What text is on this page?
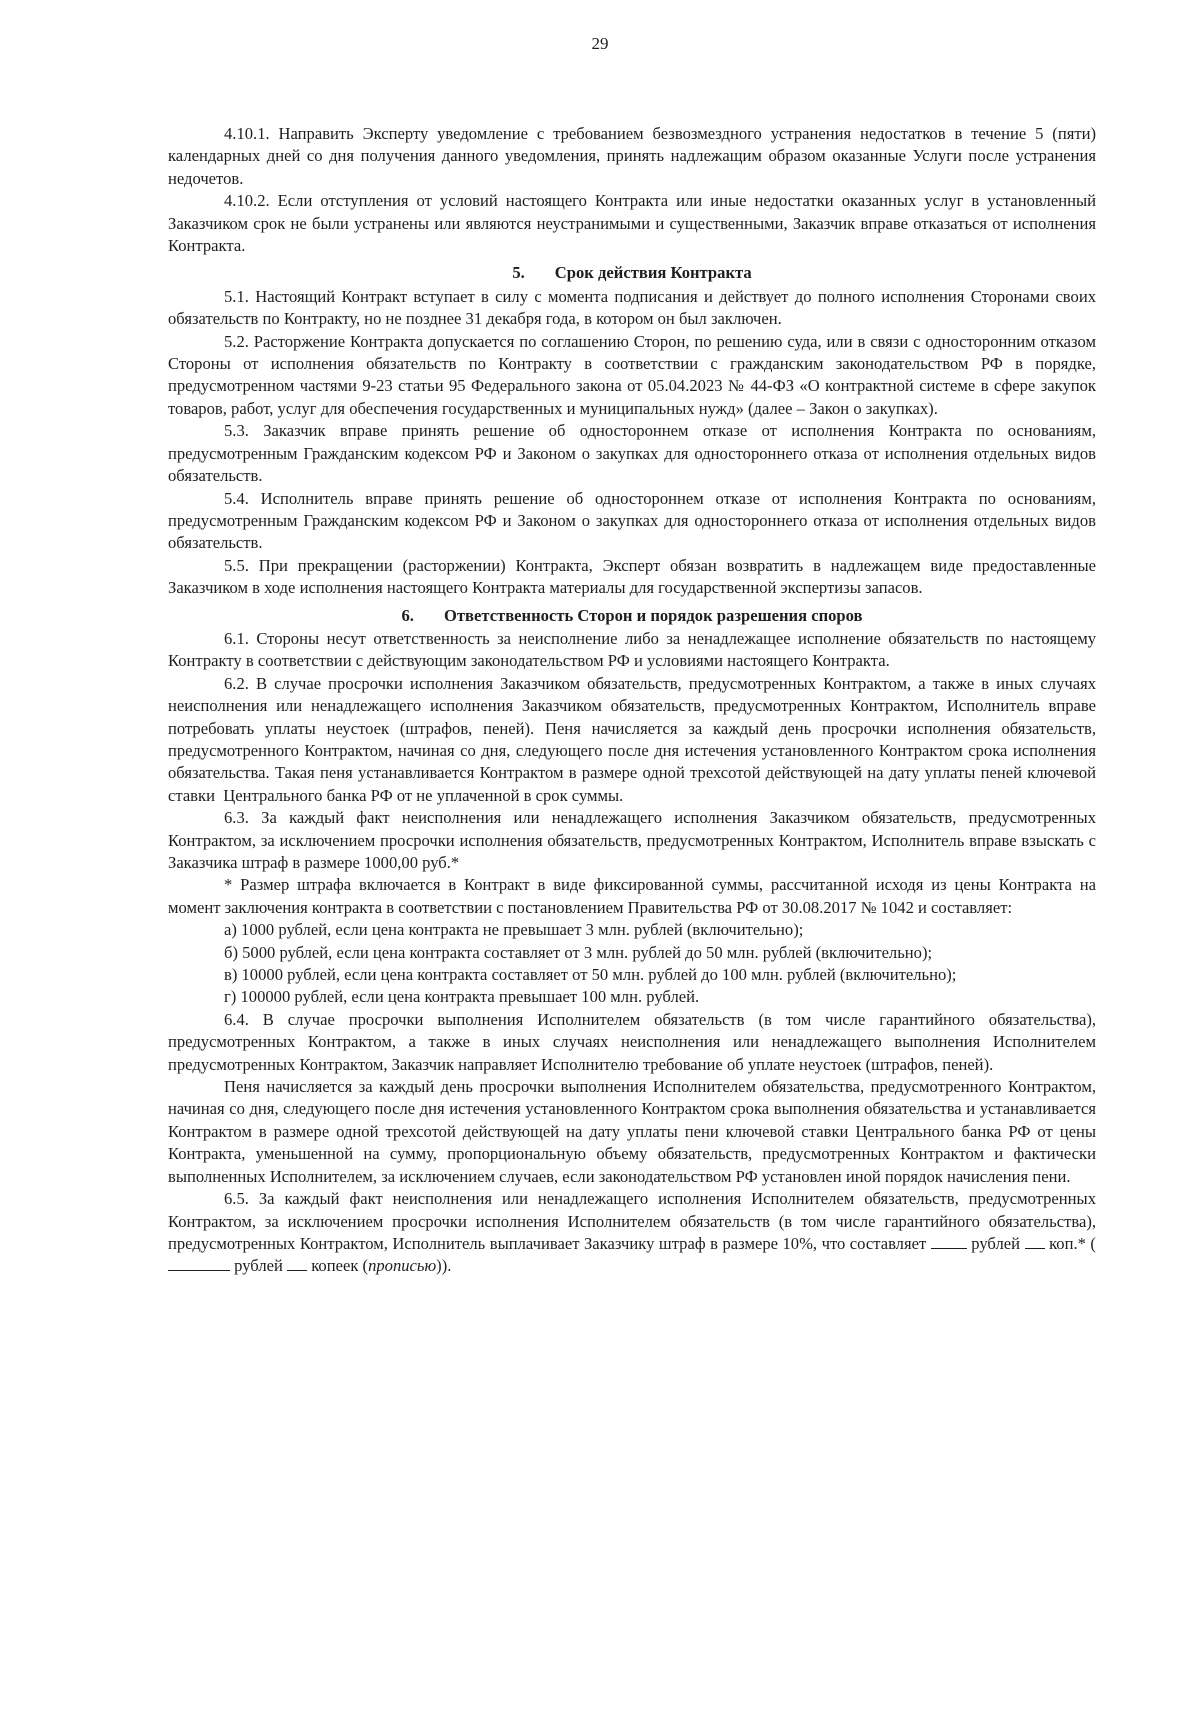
29

4.10.1. Направить Эксперту уведомление с требованием безвозмездного устранения недостатков в течение 5 (пяти) календарных дней со дня получения данного уведомления, принять надлежащим образом оказанные Услуги после устранения недочетов.

4.10.2. Если отступления от условий настоящего Контракта или иные недостатки оказанных услуг в установленный Заказчиком срок не были устранены или являются неустранимыми и существенными, Заказчик вправе отказаться от исполнения Контракта.

5. Срок действия Контракта

5.1. Настоящий Контракт вступает в силу с момента подписания и действует до полного исполнения Сторонами своих обязательств по Контракту, но не позднее 31 декабря года, в котором он был заключен.

5.2. Расторжение Контракта допускается по соглашению Сторон, по решению суда, или в связи с односторонним отказом Стороны от исполнения обязательств по Контракту в соответствии с гражданским законодательством РФ в порядке, предусмотренном частями 9-23 статьи 95 Федерального закона от 05.04.2023 № 44-ФЗ «О контрактной системе в сфере закупок товаров, работ, услуг для обеспечения государственных и муниципальных нужд» (далее – Закон о закупках).

5.3. Заказчик вправе принять решение об одностороннем отказе от исполнения Контракта по основаниям, предусмотренным Гражданским кодексом РФ и Законом о закупках для одностороннего отказа от исполнения отдельных видов обязательств.

5.4. Исполнитель вправе принять решение об одностороннем отказе от исполнения Контракта по основаниям, предусмотренным Гражданским кодексом РФ и Законом о закупках для одностороннего отказа от исполнения отдельных видов обязательств.

5.5. При прекращении (расторжении) Контракта, Эксперт обязан возвратить в надлежащем виде предоставленные Заказчиком в ходе исполнения настоящего Контракта материалы для государственной экспертизы запасов.

6. Ответственность Сторон и порядок разрешения споров

6.1. Стороны несут ответственность за неисполнение либо за ненадлежащее исполнение обязательств по настоящему Контракту в соответствии с действующим законодательством РФ и условиями настоящего Контракта.

6.2. В случае просрочки исполнения Заказчиком обязательств, предусмотренных Контрактом, а также в иных случаях неисполнения или ненадлежащего исполнения Заказчиком обязательств, предусмотренных Контрактом, Исполнитель вправе потребовать уплаты неустоек (штрафов, пеней). Пеня начисляется за каждый день просрочки исполнения обязательств, предусмотренного Контрактом, начиная со дня, следующего после дня истечения установленного Контрактом срока исполнения обязательства. Такая пеня устанавливается Контрактом в размере одной трехсотой действующей на дату уплаты пеней ключевой ставки  Центрального банка РФ от не уплаченной в срок суммы.

6.3. За каждый факт неисполнения или ненадлежащего исполнения Заказчиком обязательств, предусмотренных Контрактом, за исключением просрочки исполнения обязательств, предусмотренных Контрактом, Исполнитель вправе взыскать с Заказчика штраф в размере 1000,00 руб.*

* Размер штрафа включается в Контракт в виде фиксированной суммы, рассчитанной исходя из цены Контракта на момент заключения контракта в соответствии с постановлением Правительства РФ от 30.08.2017 № 1042 и составляет:

а) 1000 рублей, если цена контракта не превышает 3 млн. рублей (включительно);

б) 5000 рублей, если цена контракта составляет от 3 млн. рублей до 50 млн. рублей (включительно);

в) 10000 рублей, если цена контракта составляет от 50 млн. рублей до 100 млн. рублей (включительно);

г) 100000 рублей, если цена контракта превышает 100 млн. рублей.

6.4. В случае просрочки выполнения Исполнителем обязательств (в том числе гарантийного обязательства), предусмотренных Контрактом, а также в иных случаях неисполнения или ненадлежащего выполнения Исполнителем предусмотренных Контрактом, Заказчик направляет Исполнителю требование об уплате неустоек (штрафов, пеней).

Пеня начисляется за каждый день просрочки выполнения Исполнителем обязательства, предусмотренного Контрактом, начиная со дня, следующего после дня истечения установленного Контрактом срока выполнения обязательства и устанавливается Контрактом в размере одной трехсотой действующей на дату уплаты пени ключевой ставки Центрального банка РФ от цены Контракта, уменьшенной на сумму, пропорциональную объему обязательств, предусмотренных Контрактом и фактически выполненных Исполнителем, за исключением случаев, если законодательством РФ установлен иной порядок начисления пени.

6.5. За каждый факт неисполнения или ненадлежащего исполнения Исполнителем обязательств, предусмотренных Контрактом, за исключением просрочки исполнения Исполнителем обязательств (в том числе гарантийного обязательства), предусмотренных Контрактом, Исполнитель выплачивает Заказчику штраф в размере 10%, что составляет	рублей коп.* (  рублей копеек (прописью)).
